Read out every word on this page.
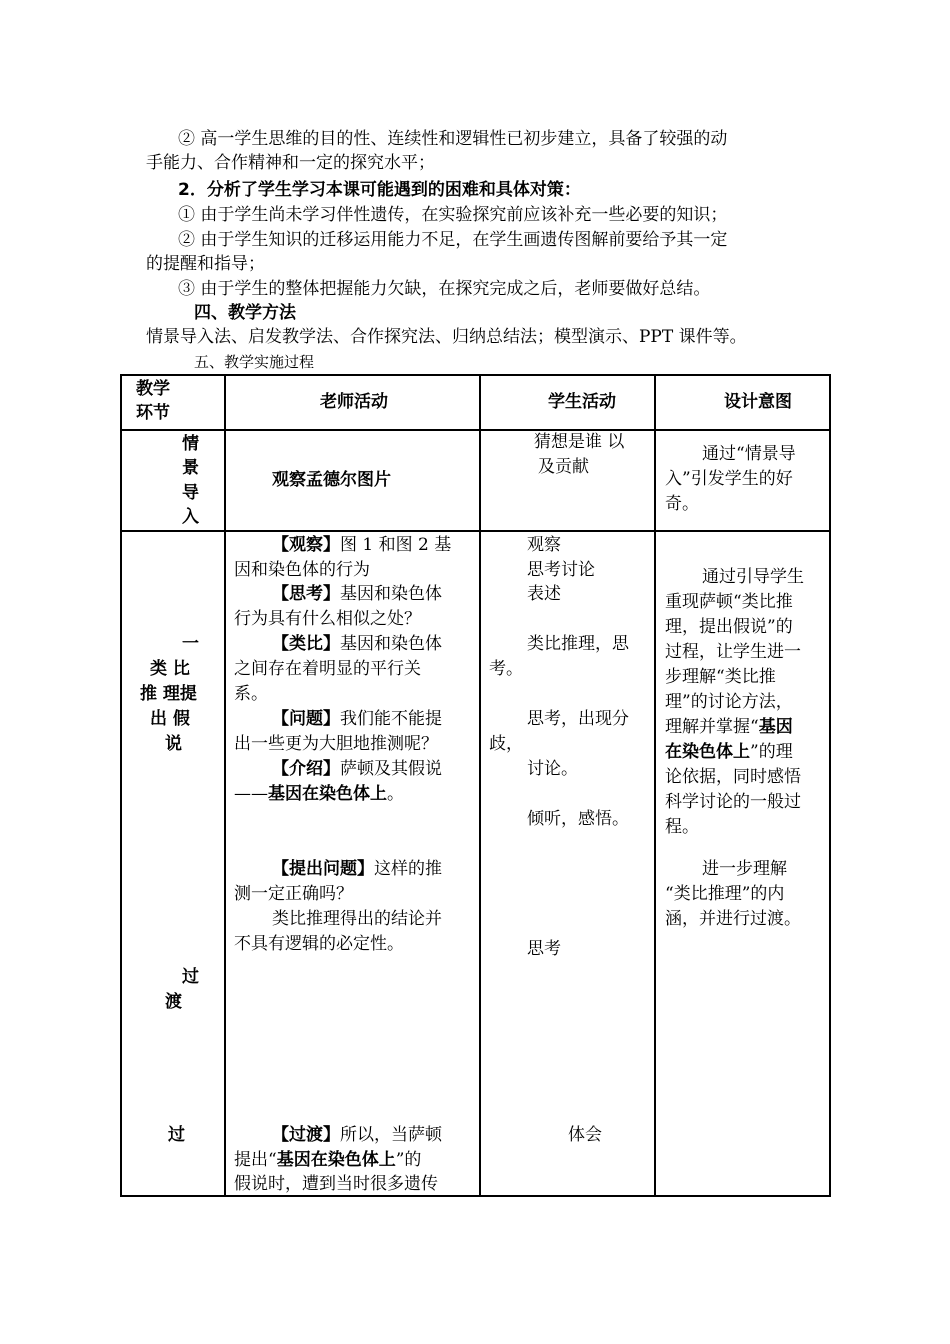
② 高一学生思维的目的性、连续性和逻辑性已初步建立，具备了较强的动
手能力、合作精神和一定的探究水平；
2．分析了学生学习本课可能遇到的困难和具体对策：
① 由于学生尚未学习伴性遗传，在实验探究前应该补充一些必要的知识；
② 由于学生知识的迁移运用能力不足，在学生画遗传图解前要给予其一定
的提醒和指导；
③ 由于学生的整体把握能力欠缺，在探究完成之后，老师要做好总结。
四、教学方法
情景导入法、启发教学法、合作探究法、归纳总结法；模型演示、PPT 课件等。
五、教学实施过程
教学
环节
老师活动	学生活动	设计意图
情
景
导
入
观察孟德尔图片
猜想是谁 以
及贡献
通过“情景导
入”引发学生的好
奇。
一
类 比
推 理提
出 假
说
过
渡
过
【观察】图 1 和图 2 基
因和染色体的行为
【思考】基因和染色体
行为具有什么相似之处？
【类比】基因和染色体
之间存在着明显的平行关
系。
【问题】我们能不能提
出一些更为大胆地推测呢？
【介绍】萨顿及其假说
——基因在染色体上。
【提出问题】这样的推
测一定正确吗？
类比推理得出的结论并
不具有逻辑的必定性。
【过渡】所以，当萨顿
提出“基因在染色体上”的
假说时，遭到当时很多遗传
观察
思考讨论
表述
类比推理，思
考。
思考，出现分
歧，
讨论。
倾听，感悟。
思考
体会
通过引导学生
重现萨顿“类比推
理，提出假说”的
过程，让学生进一
步理解“类比推
理”的讨论方法，
理解并掌握“基因
在染色体上”的理
论依据，同时感悟
科学讨论的一般过
程。
进一步理解
“类比推理”的内
涵，并进行过渡。
